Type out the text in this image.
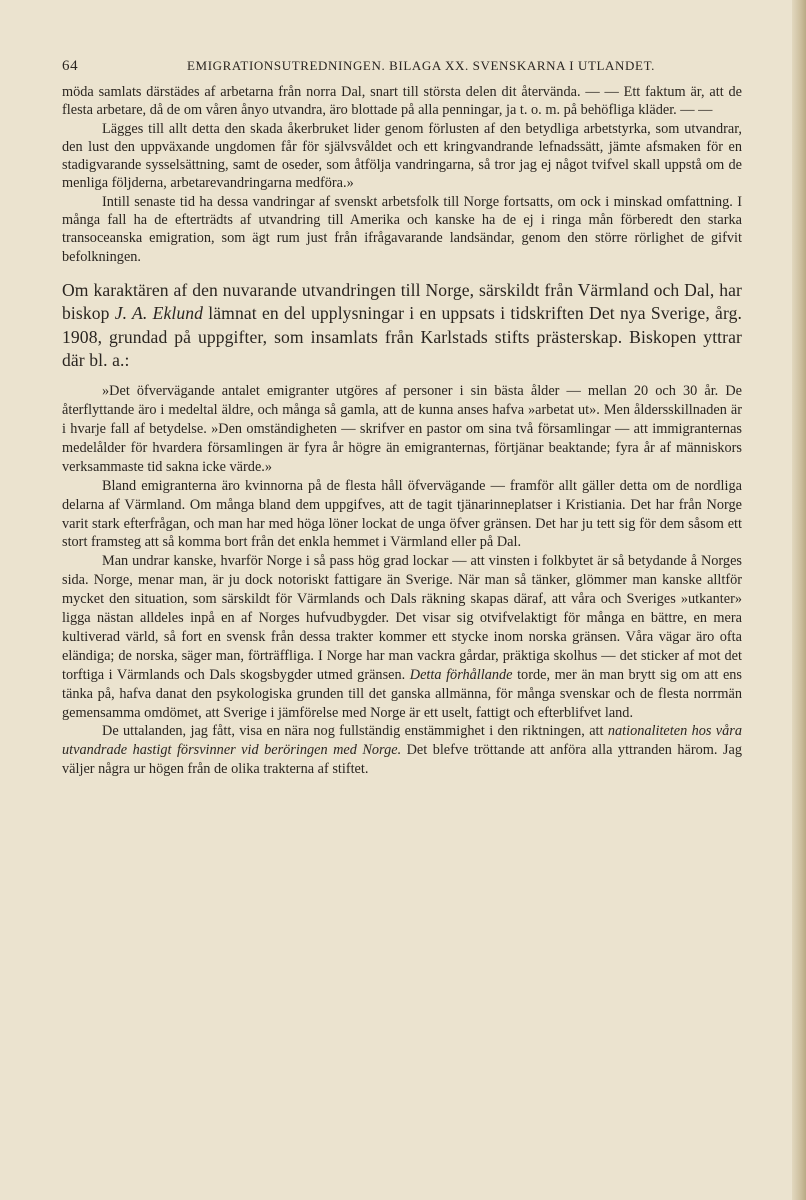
64	EMIGRATIONSUTREDNINGEN. BILAGA XX. SVENSKARNA I UTLANDET.

möda samlats därstädes af arbetarna från norra Dal, snart till största delen dit återvända. — — Ett faktum är, att de flesta arbetare, då de om våren ånyo utvandra, äro blottade på alla penningar, ja t. o. m. på behöfliga kläder. — —

Lägges till allt detta den skada åkerbruket lider genom förlusten af den betydliga arbetstyrka, som utvandrar, den lust den uppväxande ungdomen får för självsvåldet och ett kringvandrande lefnadssätt, jämte afsmaken för en stadigvarande sysselsättning, samt de oseder, som åtfölja vandringarna, så tror jag ej något tvifvel skall uppstå om de menliga följderna, arbetarevandringarna medföra.»

Intill senaste tid ha dessa vandringar af svenskt arbetsfolk till Norge fortsatts, om ock i minskad omfattning. I många fall ha de efterträdts af utvandring till Amerika och kanske ha de ej i ringa mån förberedt den starka transoceanska emigration, som ägt rum just från ifrågavarande landsändar, genom den större rörlighet de gifvit befolkningen.

Om karaktären af den nuvarande utvandringen till Norge, särskildt från Värmland och Dal, har biskop J. A. Eklund lämnat en del upplysningar i en uppsats i tidskriften Det nya Sverige, årg. 1908, grundad på uppgifter, som insamlats från Karlstads stifts prästerskap. Biskopen yttrar där bl. a.:

»Det öfvervägande antalet emigranter utgöres af personer i sin bästa ålder — mellan 20 och 30 år. De återflyttande äro i medeltal äldre, och många så gamla, att de kunna anses hafva »arbetat ut». Men åldersskillnaden är i hvarje fall af betydelse. »Den omständigheten — skrifver en pastor om sina två församlingar — att immigranternas medelålder för hvardera församlingen är fyra år högre än emigranternas, förtjänar beaktande; fyra år af människors verksammaste tid sakna icke värde.»

Bland emigranterna äro kvinnorna på de flesta håll öfvervägande — framför allt gäller detta om de nordliga delarna af Värmland. Om många bland dem uppgifves, att de tagit tjänarinneplatser i Kristiania. Det har från Norge varit stark efterfrågan, och man har med höga löner lockat de unga öfver gränsen. Det har ju tett sig för dem såsom ett stort framsteg att så komma bort från det enkla hemmet i Värmland eller på Dal.

Man undrar kanske, hvarför Norge i så pass hög grad lockar — att vinsten i folkbytet är så betydande å Norges sida. Norge, menar man, är ju dock notoriskt fattigare än Sverige. När man så tänker, glömmer man kanske alltför mycket den situation, som särskildt för Värmlands och Dals räkning skapas däraf, att våra och Sveriges »utkanter» ligga nästan alldeles inpå en af Norges hufvudbygder. Det visar sig otvifvelaktigt för många en bättre, en mera kultiverad värld, så fort en svensk från dessa trakter kommer ett stycke inom norska gränsen. Våra vägar äro ofta eländiga; de norska, säger man, förträffliga. I Norge har man vackra gårdar, präktiga skolhus — det sticker af mot det torftiga i Värmlands och Dals skogsbygder utmed gränsen. Detta förhållande torde, mer än man brytt sig om att ens tänka på, hafva danat den psykologiska grunden till det ganska allmänna, för många svenskar och de flesta norrmän gemensamma omdömet, att Sverige i jämförelse med Norge är ett uselt, fattigt och efterblifvet land.

De uttalanden, jag fått, visa en nära nog fullständig enstämmighet i den riktningen, att nationaliteten hos våra utvandrade hastigt försvinner vid beröringen med Norge. Det blefve tröttande att anföra alla yttranden härom. Jag väljer några ur högen från de olika trakterna af stiftet.
